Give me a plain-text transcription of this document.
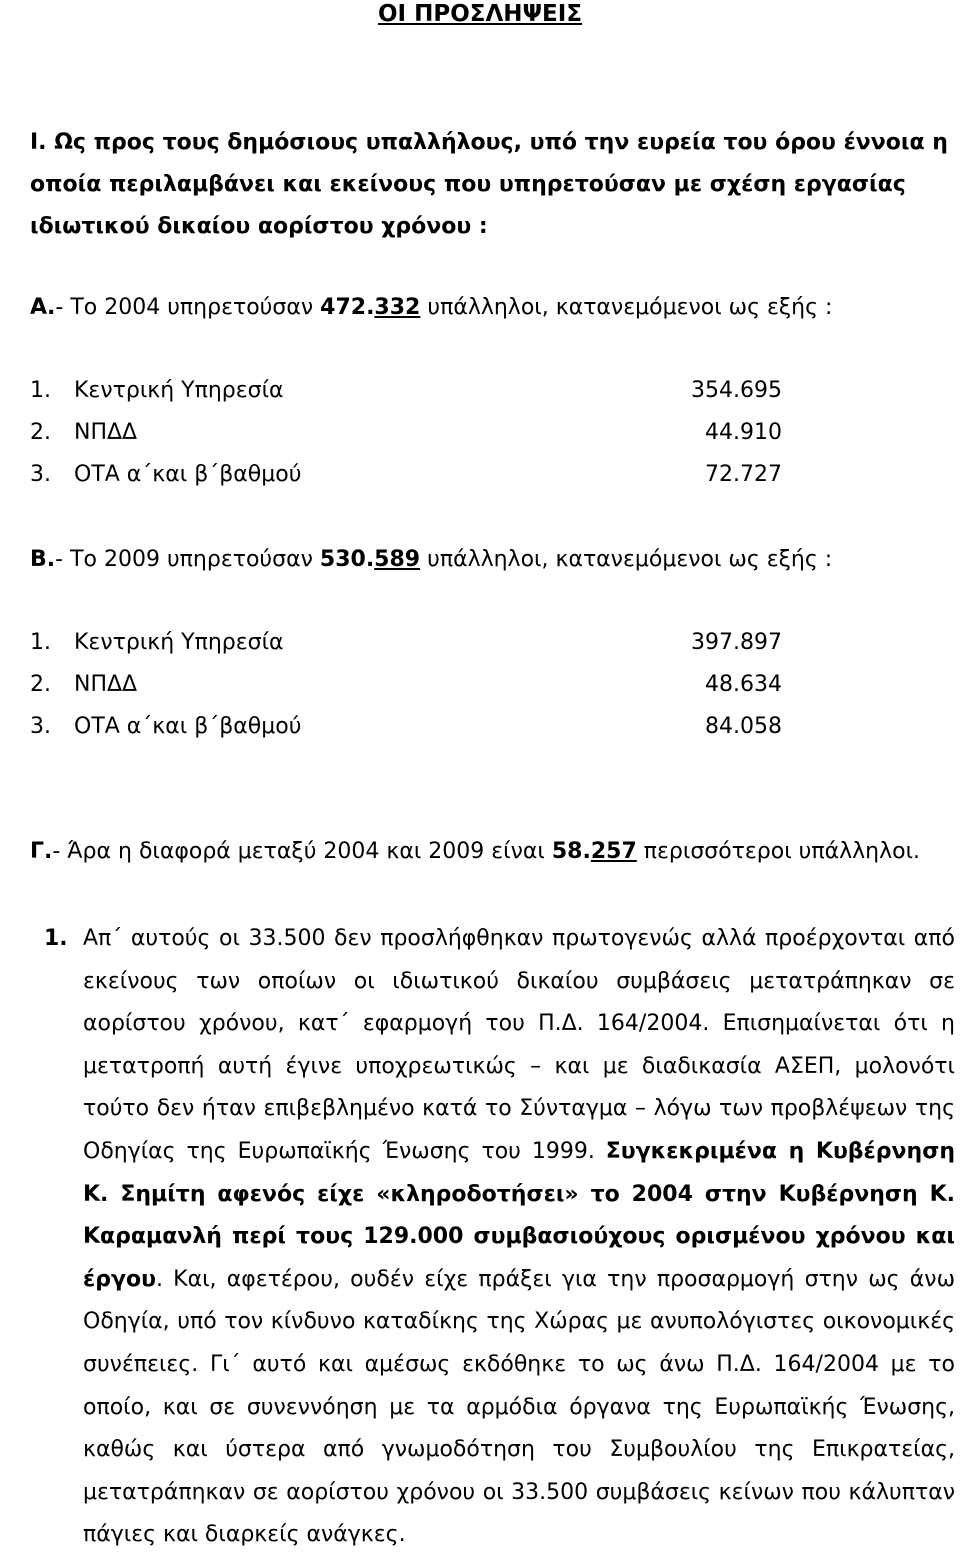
ΟΙ ΠΡΟΣΛΗΨΕΙΣ
Ι. Ως προς τους δημόσιους υπαλλήλους, υπό την ευρεία του όρου έννοια η οποία περιλαμβάνει και εκείνους που υπηρετούσαν με σχέση εργασίας ιδιωτικού δικαίου αορίστου χρόνου :
Α.- Το 2004 υπηρετούσαν 472.332 υπάλληλοι, κατανεμόμενοι ως εξής :
1. Κεντρική Υπηρεσία	354.695
2. ΝΠΔΔ	44.910
3. ΟΤΑ α΄και β΄βαθμού	72.727
Β.- Το 2009 υπηρετούσαν 530.589 υπάλληλοι, κατανεμόμενοι ως εξής :
1. Κεντρική Υπηρεσία	397.897
2. ΝΠΔΔ	48.634
3. ΟΤΑ α΄και β΄βαθμού	84.058
Γ.- Άρα η διαφορά μεταξύ 2004 και 2009 είναι 58.257 περισσότεροι υπάλληλοι.
1. Απ΄ αυτούς οι 33.500 δεν προσλήφθηκαν πρωτογενώς αλλά προέρχονται από εκείνους των οποίων οι ιδιωτικού δικαίου συμβάσεις μετατράπηκαν σε αορίστου χρόνου, κατ΄ εφαρμογή του Π.Δ. 164/2004. Επισημαίνεται ότι η μετατροπή αυτή έγινε υποχρεωτικώς – και με διαδικασία ΑΣΕΠ, μολονότι τούτο δεν ήταν επιβεβλημένο κατά το Σύνταγμα – λόγω των προβλέψεων της Οδηγίας της Ευρωπαϊκής Ένωσης του 1999. Συγκεκριμένα η Κυβέρνηση Κ. Σημίτη αφενός είχε «κληροδοτήσει» το 2004 στην Κυβέρνηση Κ. Καραμανλή περί τους 129.000 συμβασιούχους ορισμένου χρόνου και έργου. Και, αφετέρου, ουδέν είχε πράξει για την προσαρμογή στην ως άνω Οδηγία, υπό τον κίνδυνο καταδίκης της Χώρας με ανυπολόγιστες οικονομικές συνέπειες. Γι΄ αυτό και αμέσως εκδόθηκε το ως άνω Π.Δ. 164/2004 με το οποίο, και σε συνεννόηση με τα αρμόδια όργανα της Ευρωπαϊκής Ένωσης, καθώς και ύστερα από γνωμοδότηση του Συμβουλίου της Επικρατείας, μετατράπηκαν σε αορίστου χρόνου οι 33.500 συμβάσεις κείνων που κάλυπταν πάγιες και διαρκείς ανάγκες.
